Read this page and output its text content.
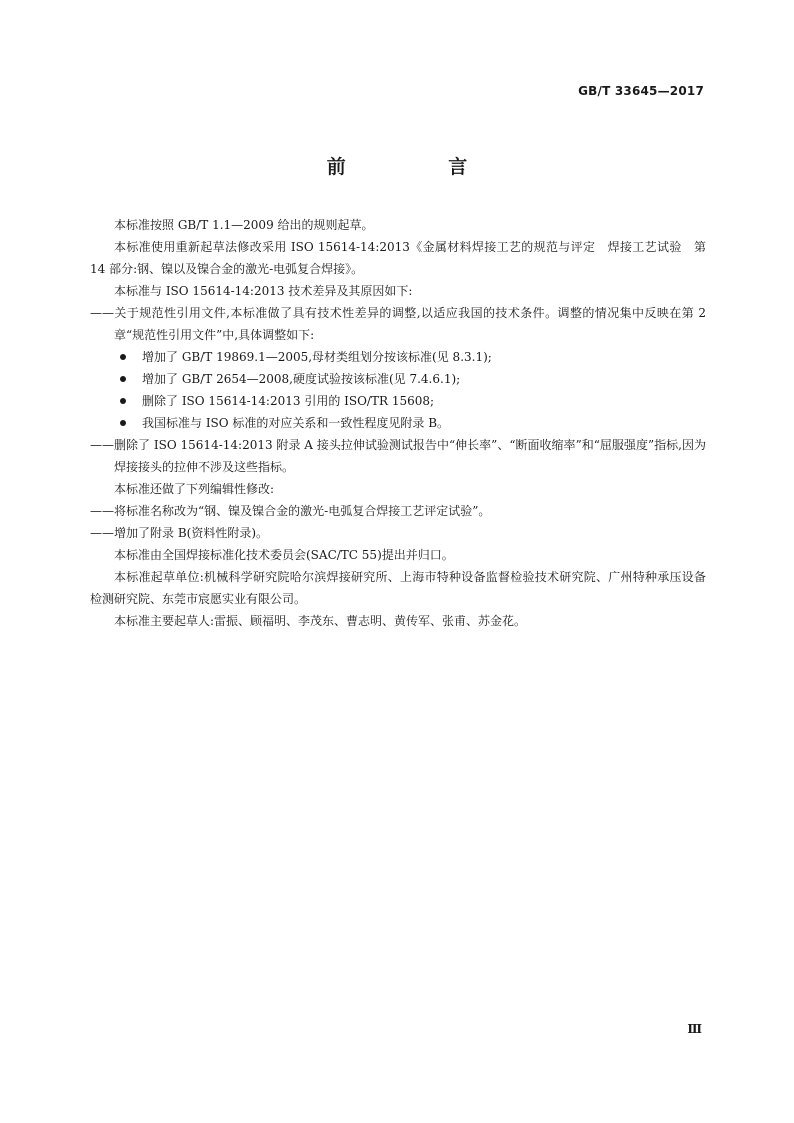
GB/T 33645—2017
前　言

本标准按照 GB/T 1.1—2009 给出的规则起草。

本标准使用重新起草法修改采用 ISO 15614-14:2013《金属材料焊接工艺的规范与评定　焊接工艺试验　第 14 部分:钢、镍以及镍合金的激光-电弧复合焊接》。

本标准与 ISO 15614-14:2013 技术差异及其原因如下:

——关于规范性引用文件,本标准做了具有技术性差异的调整,以适应我国的技术条件。调整的情况集中反映在第 2 章“规范性引用文件”中,具体调整如下:

增加了 GB/T 19869.1—2005,母材类组划分按该标准(见 8.3.1);

增加了 GB/T 2654—2008,硬度试验按该标准(见 7.4.6.1);

删除了 ISO 15614-14:2013 引用的 ISO/TR 15608;

我国标准与 ISO 标准的对应关系和一致性程度见附录 B。

——删除了 ISO 15614-14:2013 附录 A 接头拉伸试验测试报告中“伸长率”、“断面收缩率”和“屈服强度”指标,因为焊接接头的拉伸不涉及这些指标。

本标准还做了下列编辑性修改:

——将标准名称改为“钢、镍及镍合金的激光-电弧复合焊接工艺评定试验”。

——增加了附录 B(资料性附录)。

本标准由全国焊接标准化技术委员会(SAC/TC 55)提出并归口。

本标准起草单位:机械科学研究院哈尔滨焊接研究所、上海市特种设备监督检验技术研究院、广州特种承压设备检测研究院、东莞市宸愿实业有限公司。

本标准主要起草人:雷振、顾福明、李茂东、曹志明、黄传军、张甫、苏金花。

Ⅲ
